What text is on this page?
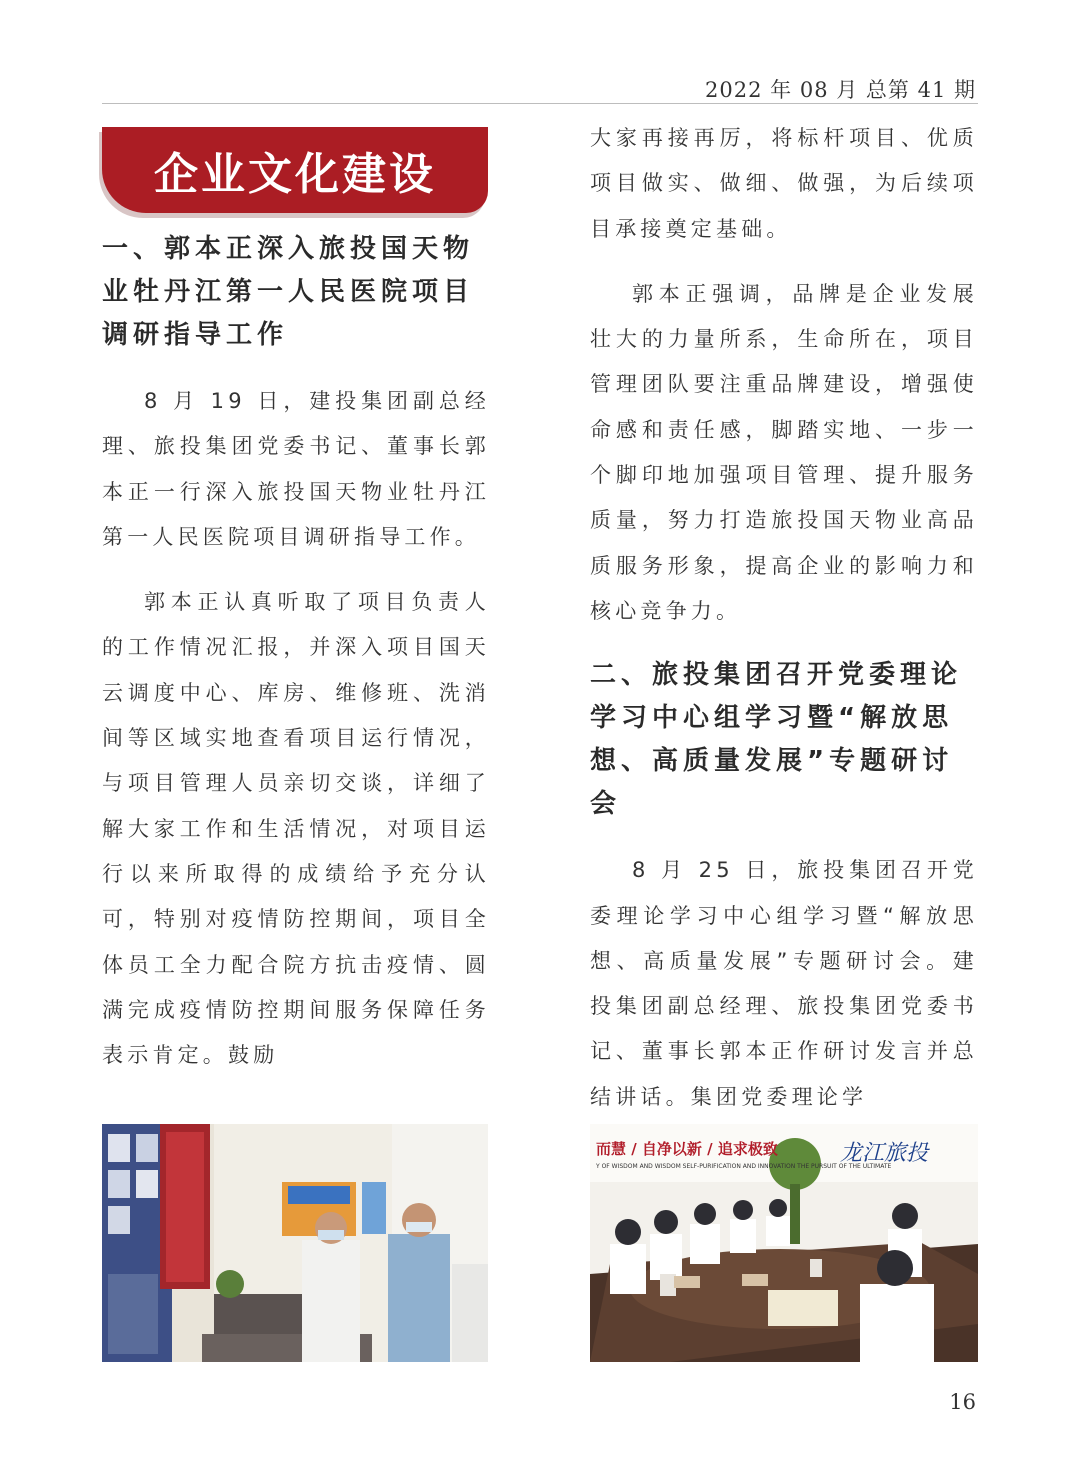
2022 年 08 月 总第 41 期
企业文化建设

一、郭本正深入旅投国天物业牡丹江第一人民医院项目调研指导工作

8 月 19 日，建投集团副总经理、旅投集团党委书记、董事长郭本正一行深入旅投国天物业牡丹江第一人民医院项目调研指导工作。

郭本正认真听取了项目负责人的工作情况汇报，并深入项目国天云调度中心、库房、维修班、洗消间等区域实地查看项目运行情况，与项目管理人员亲切交谈，详细了解大家工作和生活情况，对项目运行以来所取得的成绩给予充分认可，特别对疫情防控期间，项目全体员工全力配合院方抗击疫情、圆满完成疫情防控期间服务保障任务表示肯定。鼓励

大家再接再厉，将标杆项目、优质项目做实、做细、做强，为后续项目承接奠定基础。

郭本正强调，品牌是企业发展壮大的力量所系，生命所在，项目管理团队要注重品牌建设，增强使命感和责任感，脚踏实地、一步一个脚印地加强项目管理、提升服务质量，努力打造旅投国天物业高品质服务形象，提高企业的影响力和核心竞争力。

二、旅投集团召开党委理论学习中心组学习暨“解放思想、高质量发展”专题研讨会

8 月 25 日，旅投集团召开党委理论学习中心组学习暨“解放思想、高质量发展”专题研讨会。建投集团副总经理、旅投集团党委书记、董事长郭本正作研讨发言并总结讲话。集团党委理论学

而慧 / 自净以新 / 追求极致
Y OF WISDOM AND WISDOM SELF-PURIFICATION AND INNOVATION THE PURSUIT OF THE ULTIMATE
龙江旅投
16
